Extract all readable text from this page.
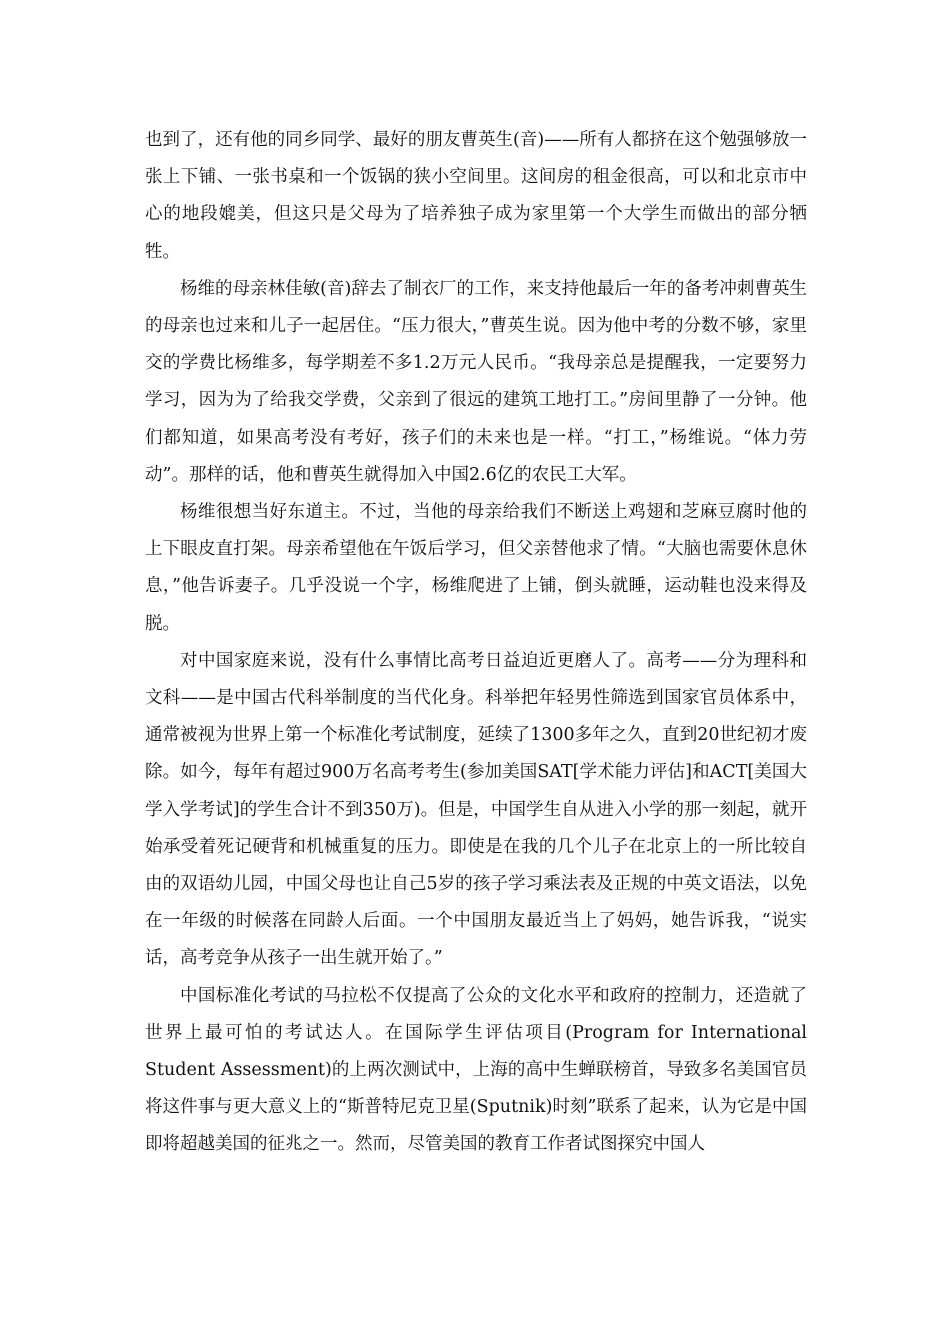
也到了，还有他的同乡同学、最好的朋友曹英生(音)——所有人都挤在这个勉强够放一张上下铺、一张书桌和一个饭锅的狭小空间里。这间房的租金很高，可以和北京市中心的地段媲美，但这只是父母为了培养独子成为家里第一个大学生而做出的部分牺牲。

杨维的母亲林佳敏(音)辞去了制衣厂的工作，来支持他最后一年的备考冲刺曹英生的母亲也过来和儿子一起居住。“压力很大，”曹英生说。因为他中考的分数不够，家里交的学费比杨维多，每学期差不多1.2万元人民币。“我母亲总是提醒我，一定要努力学习，因为为了给我交学费，父亲到了很远的建筑工地打工。”房间里静了一分钟。他们都知道，如果高考没有考好，孩子们的未来也是一样。“打工，”杨维说。“体力劳动”。那样的话，他和曹英生就得加入中国2.6亿的农民工大军。

杨维很想当好东道主。不过，当他的母亲给我们不断送上鸡翅和芝麻豆腐时他的上下眼皮直打架。母亲希望他在午饭后学习，但父亲替他求了情。“大脑也需要休息休息，”他告诉妻子。几乎没说一个字，杨维爬进了上铺，倒头就睡，运动鞋也没来得及脱。

对中国家庭来说，没有什么事情比高考日益迫近更磨人了。高考——分为理科和文科——是中国古代科举制度的当代化身。科举把年轻男性筛选到国家官员体系中，通常被视为世界上第一个标准化考试制度，延续了1300多年之久，直到20世纪初才废除。如今，每年有超过900万名高考考生(参加美国SAT[学术能力评估]和ACT[美国大学入学考试]的学生合计不到350万)。但是，中国学生自从进入小学的那一刻起，就开始承受着死记硬背和机械重复的压力。即使是在我的几个儿子在北京上的一所比较自由的双语幼儿园，中国父母也让自己5岁的孩子学习乘法表及正规的中英文语法，以免在一年级的时候落在同龄人后面。一个中国朋友最近当上了妈妈，她告诉我，“说实话，高考竞争从孩子一出生就开始了。”

中国标准化考试的马拉松不仅提高了公众的文化水平和政府的控制力，还造就了世界上最可怕的考试达人。在国际学生评估项目(Program for International Student Assessment)的上两次测试中，上海的高中生蝉联榜首，导致多名美国官员将这件事与更大意义上的“斯普特尼克卫星(Sputnik)时刻”联系了起来，认为它是中国即将超越美国的征兆之一。然而，尽管美国的教育工作者试图探究中国人
